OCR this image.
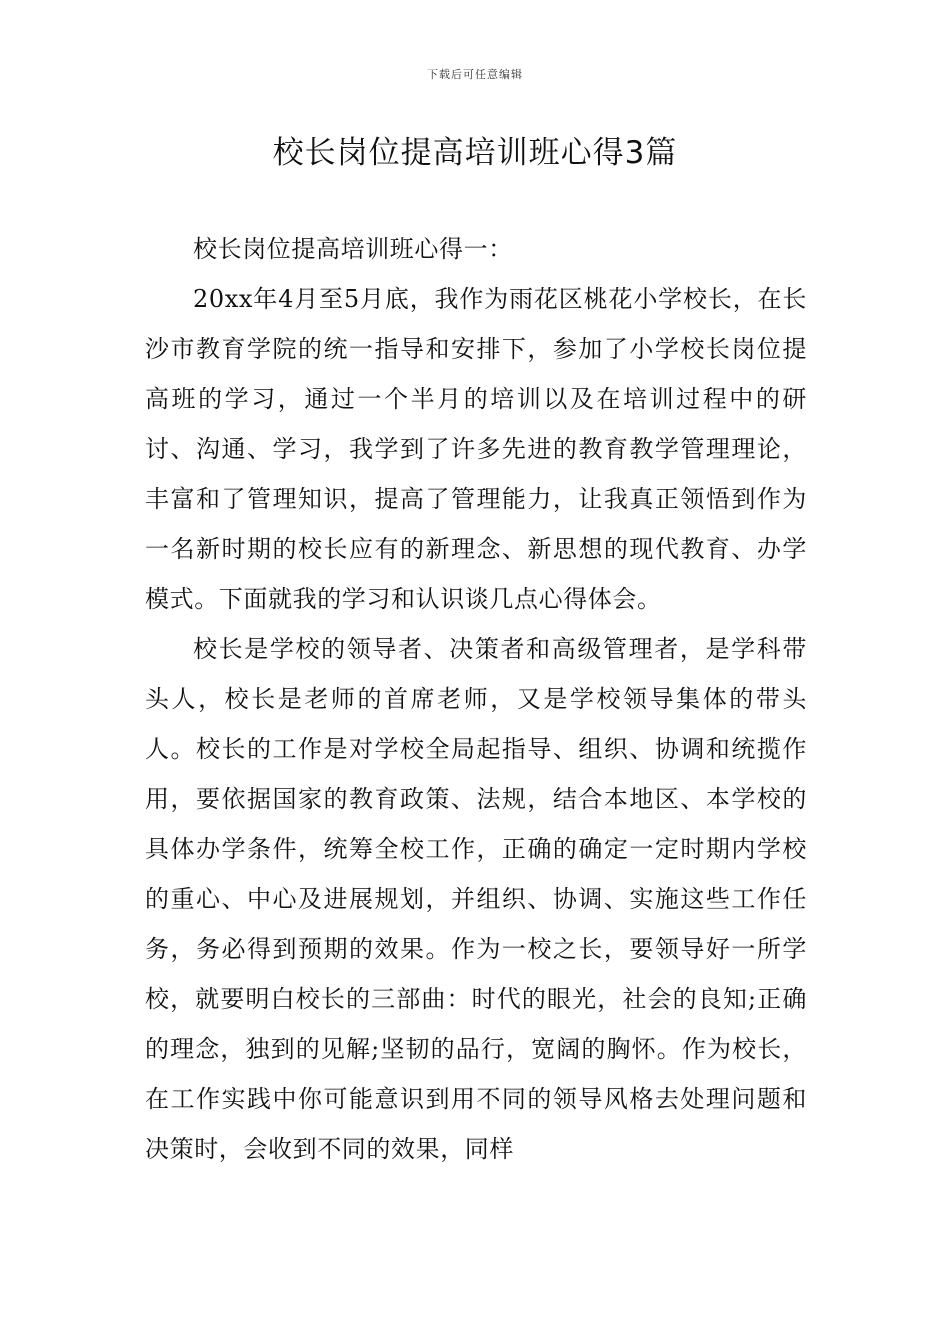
下载后可任意编辑
校长岗位提高培训班心得3篇

校长岗位提高培训班心得一：

20xx年4月至5月底，我作为雨花区桃花小学校长，在长沙市教育学院的统一指导和安排下，参加了小学校长岗位提高班的学习，通过一个半月的培训以及在培训过程中的研讨、沟通、学习，我学到了许多先进的教育教学管理理论，丰富和了管理知识，提高了管理能力，让我真正领悟到作为一名新时期的校长应有的新理念、新思想的现代教育、办学模式。下面就我的学习和认识谈几点心得体会。

校长是学校的领导者、决策者和高级管理者，是学科带头人，校长是老师的首席老师，又是学校领导集体的带头人。校长的工作是对学校全局起指导、组织、协调和统揽作用，要依据国家的教育政策、法规，结合本地区、本学校的具体办学条件，统筹全校工作，正确的确定一定时期内学校的重心、中心及进展规划，并组织、协调、实施这些工作任务，务必得到预期的效果。作为一校之长，要领导好一所学校，就要明白校长的三部曲：时代的眼光，社会的良知;正确的理念，独到的见解;坚韧的品行，宽阔的胸怀。作为校长，在工作实践中你可能意识到用不同的领导风格去处理问题和决策时，会收到不同的效果，同样
